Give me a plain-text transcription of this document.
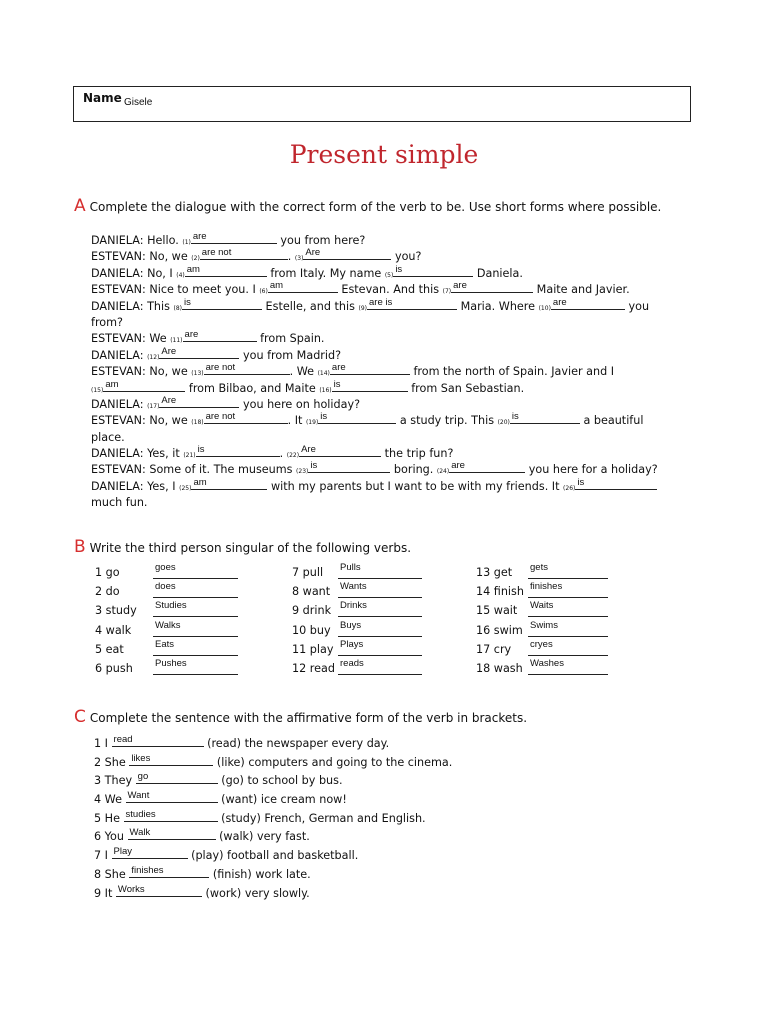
Name Gisele
Present simple
A Complete the dialogue with the correct form of the verb to be. Use short forms where possible.
DANIELA: Hello. (1)
are	you from here?
ESTEVAN: No, we (2)
are not	. (3)
Are	you?
DANIELA: No, I (4)
am	from Italy. My name (5)
is	Daniela.
ESTEVAN: Nice to meet you. I (6)
am	Estevan. And this (7)
are	Maite and Javier.
DANIELA: This (8)
is	Estelle, and this (9)
are is	Maria. Where (10)
are	you
from?
ESTEVAN: We (11)
are	from Spain.
DANIELA: (12)
Are	you from Madrid?
ESTEVAN: No, we (13)
are not	. We (14)
are	from the north of Spain. Javier and I
(15)
am	from Bilbao, and Maite (16)
is	from San Sebastian.
DANIELA: (17)
Are	you here on holiday?
ESTEVAN: No, we (18)
are not	. It (19)
is	a study trip. This (20)
is	a beautiful
place.
DANIELA: Yes, it (21)
is	. (22)
Are	the trip fun?
ESTEVAN: Some of it. The museums (23)
is	boring. (24)
are	you here for a holiday?
DANIELA: Yes, I (25)
am	with my parents but I want to be with my friends. It (26)
is
much fun.
B Write the third person singular of the following verbs.
1 go	goes
2 do	does
3 study Studies
4 walk Walks
5 eat	Eats
6 push Pushes
7 pull Pulls
8 want Wants
9 drink Drinks
10 buy Buys
11 play Plays
12 read reads
13 get gets
14 finish finishes
15 wait Waits
16 swim Swims
17 cry cryes
18 wash Washes
C Complete the sentence with the affirmative form of the verb in brackets.
1 I read	(read) the newspaper every day.
2 She likes	(like) computers and going to the cinema.
3 They go	(go) to school by bus.
4 We Want	(want) ice cream now!
5 He studies	(study) French, German and English.
6 You Walk	(walk) very fast.
7 I Play	(play) football and basketball.
8 She finishes	(finish) work late.
9 It Works	(work) very slowly.
